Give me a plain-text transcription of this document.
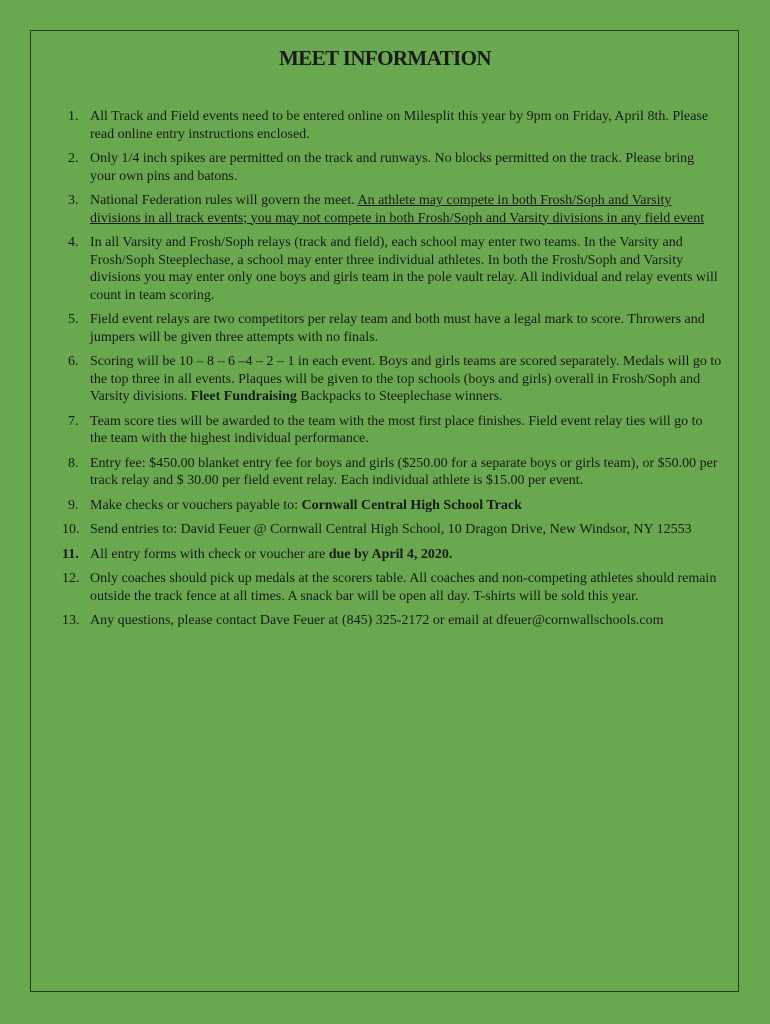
MEET INFORMATION
1. All Track and Field events need to be entered online on Milesplit this year by 9pm on Friday, April 8th. Please read online entry instructions enclosed.
2. Only 1/4 inch spikes are permitted on the track and runways. No blocks permitted on the track. Please bring your own pins and batons.
3. National Federation rules will govern the meet. An athlete may compete in both Frosh/Soph and Varsity divisions in all track events; you may not compete in both Frosh/Soph and Varsity divisions in any field event
4. In all Varsity and Frosh/Soph relays (track and field), each school may enter two teams. In the Varsity and Frosh/Soph Steeplechase, a school may enter three individual athletes. In both the Frosh/Soph and Varsity divisions you may enter only one boys and girls team in the pole vault relay. All individual and relay events will count in team scoring.
5. Field event relays are two competitors per relay team and both must have a legal mark to score. Throwers and jumpers will be given three attempts with no finals.
6. Scoring will be 10 – 8 – 6 –4 – 2 – 1 in each event. Boys and girls teams are scored separately. Medals will go to the top three in all events. Plaques will be given to the top schools (boys and girls) overall in Frosh/Soph and Varsity divisions. Fleet Fundraising Backpacks to Steeplechase winners.
7. Team score ties will be awarded to the team with the most first place finishes. Field event relay ties will go to the team with the highest individual performance.
8. Entry fee: $450.00 blanket entry fee for boys and girls ($250.00 for a separate boys or girls team), or $50.00 per track relay and $ 30.00 per field event relay. Each individual athlete is $15.00 per event.
9. Make checks or vouchers payable to: Cornwall Central High School Track
10. Send entries to: David Feuer @ Cornwall Central High School, 10 Dragon Drive, New Windsor, NY 12553
11. All entry forms with check or voucher are due by April 4, 2020.
12. Only coaches should pick up medals at the scorers table. All coaches and non-competing athletes should remain outside the track fence at all times. A snack bar will be open all day. T-shirts will be sold this year.
13. Any questions, please contact Dave Feuer at (845) 325-2172 or email at dfeuer@cornwallschools.com
